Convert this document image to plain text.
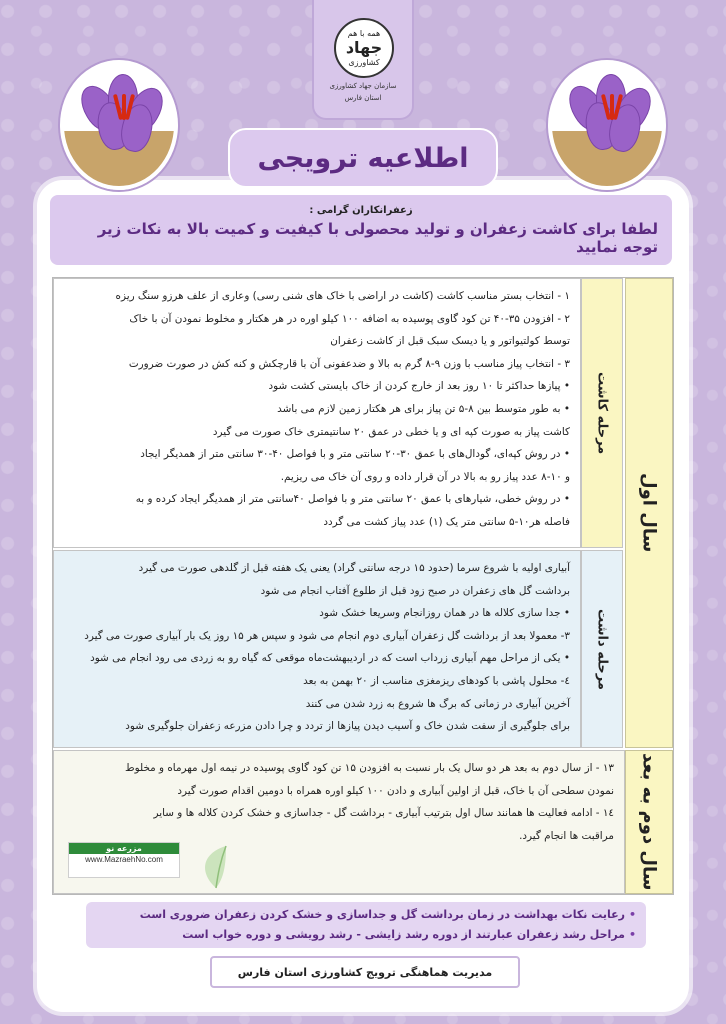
همه با هم
جهاد
کشاورزی
سازمان جهاد کشاورزی
استان فارس
اطلاعیه ترویجی
زعفرانکاران گرامی :
لطفا برای کاشت زعفران و تولید محصولی با کیفیت و کمیت بالا به نکات زیر توجه نمایید
سال اول
سال دوم به بعد
مرحله کاشت
مرحله داشت
۱ - انتخاب بستر مناسب کاشت (کاشت در اراضی با خاک های شنی رسی) وعاری از علف هرزو سنگ ریزه
۲ - افزودن ۳۵-۴۰ تن کود گاوی پوسیده به اضافه ۱۰۰ کیلو اوره در هر هکتار و مخلوط نمودن آن با خاک
توسط کولتیواتور و یا دیسک سبک قبل از کاشت زعفران
۳ - انتخاب پیاز مناسب با وزن ۹-۸ گرم به بالا و ضدعفونی آن با قارچکش و کنه کش در صورت ضرورت
• پیازها حداکثر تا ۱۰ روز بعد از خارج کردن از خاک بایستی کشت شود
• به طور متوسط بین ۸-۵ تن پیاز برای هر هکتار زمین لازم می باشد
کاشت پیاز به صورت کپه ای و یا خطی در عمق ۲۰ سانتیمتری خاک صورت می گیرد
• در روش کپه‌ای، گودال‌های با عمق ۳۰-۲۰ سانتی متر و با فواصل ۴۰-۳۰ سانتی متر از همدیگر ایجاد
و ۱۰-۸ عدد پیاز رو به بالا در آن قرار داده و روی آن خاک می ریزیم.
• در روش خطی، شیارهای با عمق ۲۰ سانتی متر و با فواصل ۴۰سانتی متر از همدیگر ایجاد کرده و به
فاصله هر۱۰-۵ سانتی متر یک (۱) عدد پیاز کشت می گردد
آبیاری اولیه با شروع سرما (حدود ۱۵ درجه سانتی گراد) یعنی یک هفته قبل از گلدهی صورت می گیرد
برداشت گل های زعفران در صبح زود قبل از طلوع آفتاب انجام می شود
• جدا سازی کلاله ها در همان روزانجام وسریعا خشک شود
۳- معمولا بعد از برداشت گل زعفران آبیاری دوم انجام می شود و سپس هر ۱۵ روز یک بار آبیاری صورت می گیرد
• یکی از مراحل مهم آبیاری زرداب است که در اردیبهشت‌ماه موقعی که گیاه رو به زردی می رود انجام می شود
٤- محلول پاشی با کودهای ریزمغزی مناسب از ۲۰ بهمن به بعد
آخرین آبیاری در زمانی که برگ ها شروع به زرد شدن می کنند
برای جلوگیری از سفت شدن خاک و آسیب دیدن پیازها از تردد و چرا دادن مزرعه زعفران جلوگیری شود
۱۳ - از سال دوم به بعد هر دو سال یک بار نسبت به افزودن ۱۵ تن کود گاوی پوسیده در نیمه اول مهرماه و مخلوط
نمودن سطحی آن با خاک، قبل از اولین آبیاری و دادن ۱۰۰ کیلو اوره همراه با دومین اقدام صورت گیرد
۱٤ - ادامه فعالیت ها همانند سال اول بترتیب آبیاری - برداشت گل - جداسازی و خشک کردن کلاله ها و سایر
مراقبت ها انجام گیرد.
مزرعه نو
www.MazraehNo.com
•رعایت نکات بهداشت در زمان برداشت گل و جداسازی و خشک کردن زعفران ضروری است
•مراحل رشد زعفران عبارتند از دوره رشد زایشی - رشد رویشی و دوره خواب است
مدیریت هماهنگی ترویج کشاورزی استان فارس
